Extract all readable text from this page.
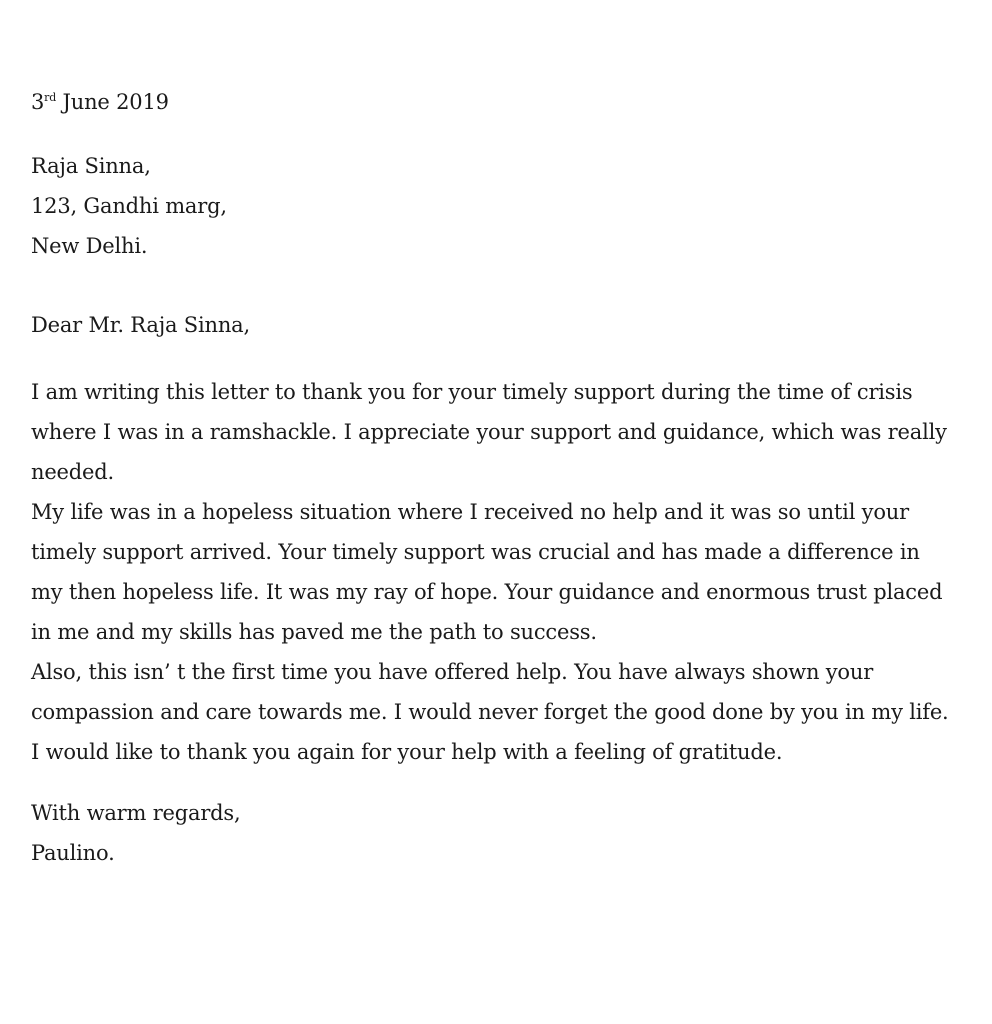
3rd June 2019
Raja Sinna,
123, Gandhi marg,
New Delhi.
Dear Mr. Raja Sinna,
I am writing this letter to thank you for your timely support during the time of crisis
where I was in a ramshackle. I appreciate your support and guidance, which was really
needed.
My life was in a hopeless situation where I received no help and it was so until your
timely support arrived. Your timely support was crucial and has made a difference in
my then hopeless life. It was my ray of hope. Your guidance and enormous trust placed
in me and my skills has paved me the path to success.
Also, this isn’ t the first time you have offered help. You have always shown your
compassion and care towards me. I would never forget the good done by you in my life.
I would like to thank you again for your help with a feeling of gratitude.
With warm regards,
Paulino.
